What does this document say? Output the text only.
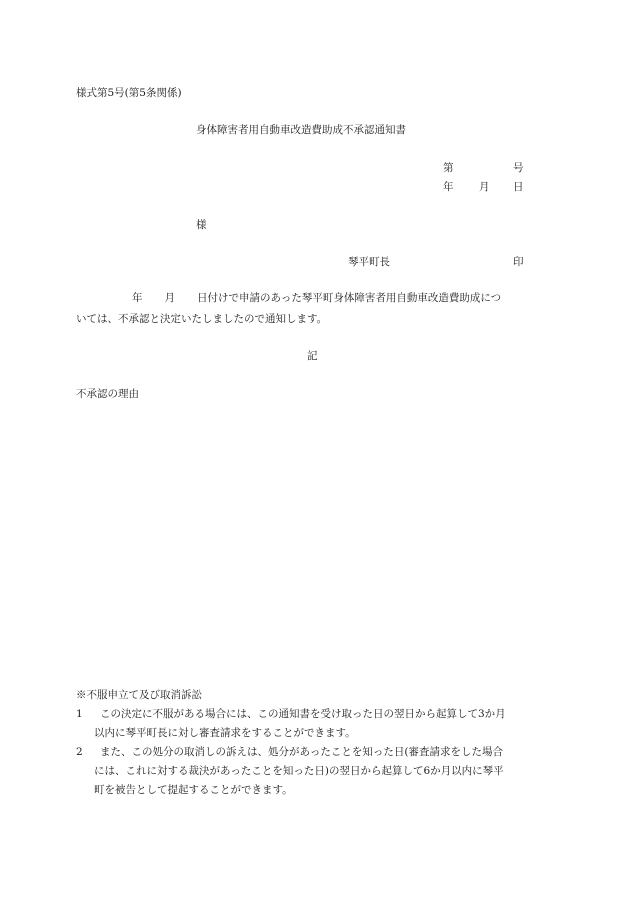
様式第5号(第5条関係)
身体障害者用自動車改造費助成不承認通知書
第	号
年 月 日
様
琴平町長	印
年 月 日付けで申請のあった琴平町身体障害者用自動車改造費助成につ
いては、不承認と決定いたしましたので通知します。
記
不承認の理由
※不服申立て及び取消訴訟
1	この決定に不服がある場合には、この通知書を受け取った日の翌日から起算して3か月
以内に琴平町長に対し審査請求をすることができます。
2	また、この処分の取消しの訴えは、処分があったことを知った日(審査請求をした場合
には、これに対する裁決があったことを知った日)の翌日から起算して6か月以内に琴平
町を被告として提起することができます。
